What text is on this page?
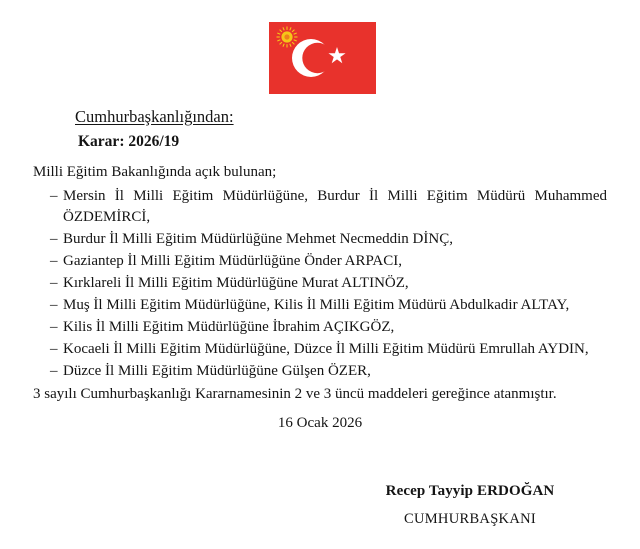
Cumhurbaşkanlığından:
Karar: 2026/19

Milli Eğitim Bakanlığında açık bulunan;

– Mersin İl Milli Eğitim Müdürlüğüne, Burdur İl Milli Eğitim Müdürü Muhammed ÖZDEMİRCİ,
– Burdur İl Milli Eğitim Müdürlüğüne Mehmet Necmeddin DİNÇ,
– Gaziantep İl Milli Eğitim Müdürlüğüne Önder ARPACI,
– Kırklareli İl Milli Eğitim Müdürlüğüne Murat ALTINÖZ,
– Muş İl Milli Eğitim Müdürlüğüne, Kilis İl Milli Eğitim Müdürü Abdulkadir ALTAY,
– Kilis İl Milli Eğitim Müdürlüğüne İbrahim AÇIKGÖZ,
– Kocaeli İl Milli Eğitim Müdürlüğüne, Düzce İl Milli Eğitim Müdürü Emrullah AYDIN,
– Düzce İl Milli Eğitim Müdürlüğüne Gülşen ÖZER,
3 sayılı Cumhurbaşkanlığı Kararnamesinin 2 ve 3 üncü maddeleri gereğince atanmıştır.
16 Ocak 2026
Recep Tayyip ERDOĞAN
CUMHURBAŞKANI
